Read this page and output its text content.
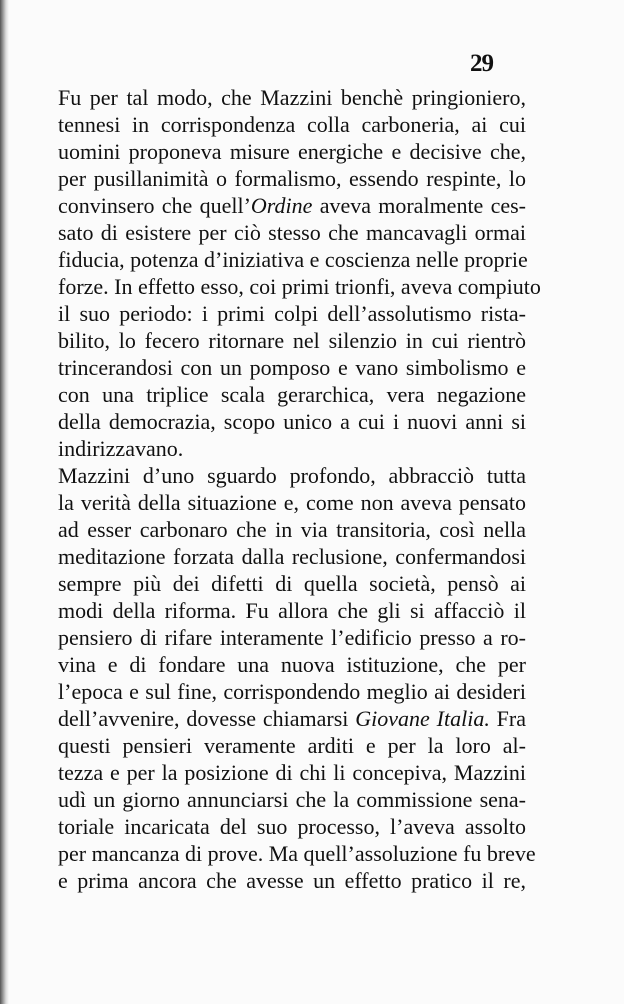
29
Fu per tal modo, che Mazzini benchè pringioniero,
tennesi in corrispondenza colla carboneria, ai cui
uomini proponeva misure energiche e decisive che,
per pusillanimità o formalismo, essendo respinte, lo
convinsero che quell’Ordine aveva moralmente ces-
sato di esistere per ciò stesso che mancavagli ormai
fiducia, potenza d’iniziativa e coscienza nelle proprie
forze. In effetto esso, coi primi trionfi, aveva compiuto
il suo periodo: i primi colpi dell’assolutismo rista-
bilito, lo fecero ritornare nel silenzio in cui rientrò
trincerandosi con un pomposo e vano simbolismo e
con una triplice scala gerarchica, vera negazione
della democrazia, scopo unico a cui i nuovi anni si
indirizzavano.
Mazzini d’uno sguardo profondo, abbracciò tutta
la verità della situazione e, come non aveva pensato
ad esser carbonaro che in via transitoria, così nella
meditazione forzata dalla reclusione, confermandosi
sempre più dei difetti di quella società, pensò ai
modi della riforma. Fu allora che gli si affacciò il
pensiero di rifare interamente l’edificio presso a ro-
vina e di fondare una nuova istituzione, che per
l’epoca e sul fine, corrispondendo meglio ai desideri
dell’avvenire, dovesse chiamarsi Giovane Italia. Fra
questi pensieri veramente arditi e per la loro al-
tezza e per la posizione di chi li concepiva, Mazzini
udì un giorno annunciarsi che la commissione sena-
toriale incaricata del suo processo, l’aveva assolto
per mancanza di prove. Ma quell’assoluzione fu breve
e prima ancora che avesse un effetto pratico il re,
